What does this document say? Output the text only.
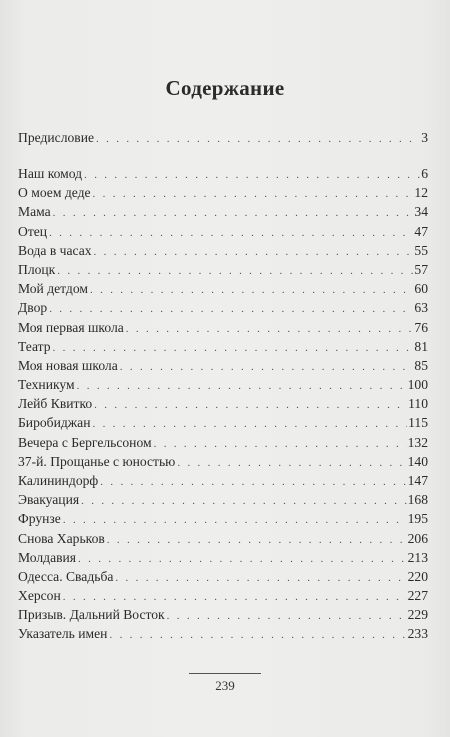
Содержание
Предисловие . . .	3
Наш комод . . .	6
О моем деде . . .	12
Мама . . .	34
Отец . . .	47
Вода в часах . . .	55
Плоцк . . .	57
Мой детдом . . .	60
Двор . . .	63
Моя первая школа . . .	76
Театр . . .	81
Моя новая школа . . .	85
Техникум . . .	100
Лейб Квитко . . .	110
Биробиджан . . .	115
Вечера с Бергельсоном . . .	132
37-й. Прощанье с юностью . . .	140
Калининдорф . . .	147
Эвакуация . . .	168
Фрунзе . . .	195
Снова Харьков . . .	206
Молдавия . . .	213
Одесса. Свадьба . . .	220
Херсон . . .	227
Призыв. Дальний Восток . . .	229
Указатель имен . . .	233
239
